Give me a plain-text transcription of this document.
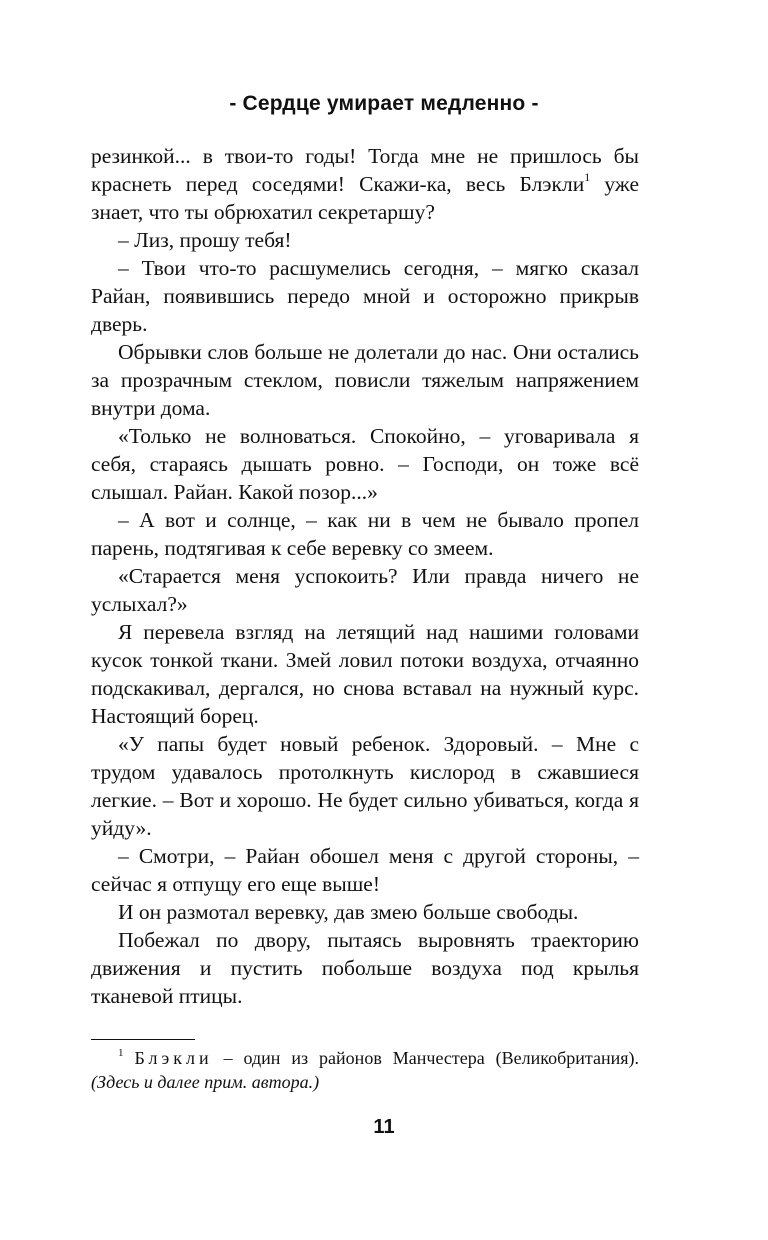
- Сердце умирает медленно -

резинкой... в твои-то годы! Тогда мне не пришлось бы краснеть перед соседями! Скажи-ка, весь Блэкли$^1$ уже знает, что ты обрюхатил секретаршу?

– Лиз, прошу тебя!

– Твои что-то расшумелись сегодня, – мягко сказал Райан, появившись передо мной и осторожно прикрыв дверь.

Обрывки слов больше не долетали до нас. Они остались за прозрачным стеклом, повисли тяжелым напряжением внутри дома.

«Только не волноваться. Спокойно, – уговаривала я себя, стараясь дышать ровно. – Господи, он тоже всё слышал. Райан. Какой позор...»

– А вот и солнце, – как ни в чем не бывало пропел парень, подтягивая к себе веревку со змеем.

«Старается меня успокоить? Или правда ничего не услыхал?»

Я перевела взгляд на летящий над нашими головами кусок тонкой ткани. Змей ловил потоки воздуха, отчаянно подскакивал, дергался, но снова вставал на нужный курс. Настоящий борец.

«У папы будет новый ребенок. Здоровый. – Мне с трудом удавалось протолкнуть кислород в сжавшиеся легкие. – Вот и хорошо. Не будет сильно убиваться, когда я уйду».

– Смотри, – Райан обошел меня с другой стороны, – сейчас я отпущу его еще выше!

И он размотал веревку, дав змею больше свободы.

Побежал по двору, пытаясь выровнять траекторию движения и пустить побольше воздуха под крылья тканевой птицы.

$^1$ Блэкли – один из районов Манчестера (Великобритания). (Здесь и далее прим. автора.)
11
